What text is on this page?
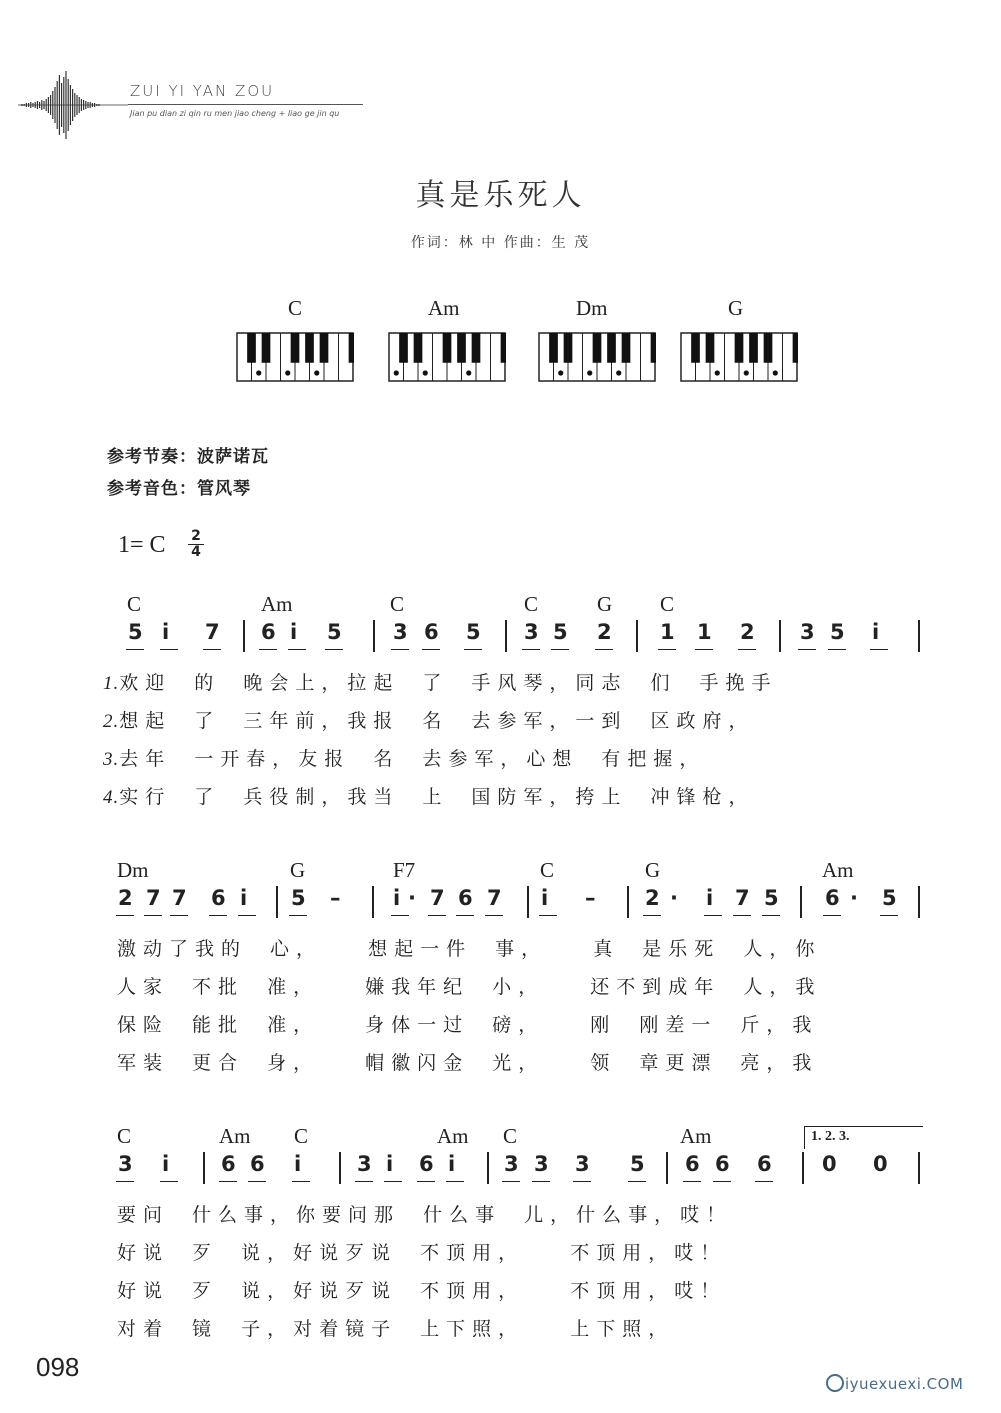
ZUI YI YAN ZOU
Jian pu dian zi qin ru men jiao cheng + liao ge jin qu
真是乐死人
作词：林 中 作曲：生 茂
C	Am	Dm	G
参考节奏：波萨诺瓦
参考音色：管风琴
1= C 2
4
C	Am	C	C	G C
5 i 7 6 i 5 3 6 5 3 5 2 1 1 2 3 5 i
1.欢迎 的 晚会上，拉起 了 手风琴，同志 们 手挽手
2.想起 了 三年前，我报 名 去参军，一到 区政府，
3.去年 一开春，友报 名 去参军，心想 有把握，
4.实行 了 兵役制，我当 上 国防军，挎上 冲锋枪，
Dm	G	F7	C	G	Am
2 7 7 6 i 5 –	i · 7 6 7 i – 2 · i 7 5 6 · 5
激动了我的 心，  想起一件 事，  真 是乐死 人，你
人家 不批 准，  嫌我年纪 小，  还不到成年 人，我
保险 能批 准，  身体一过 磅，  刚 刚差一 斤，我
军装 更合 身，  帽徽闪金 光，  领 章更漂 亮，我
C	Am C	Am C	Am
3 i 6 6 i	3 i 6 i 3 3 3 5 6 6 6 0 0
1. 2. 3.
要问 什么事，你要问那 什么事 儿，什么事，哎！
好说 歹 说，好说歹说 不顶用，  不顶用，哎！
好说 歹 说，好说歹说 不顶用，  不顶用，哎！
对着 镜 子，对着镜子 上下照，  上下照，
098
iyuexuexi.COM
